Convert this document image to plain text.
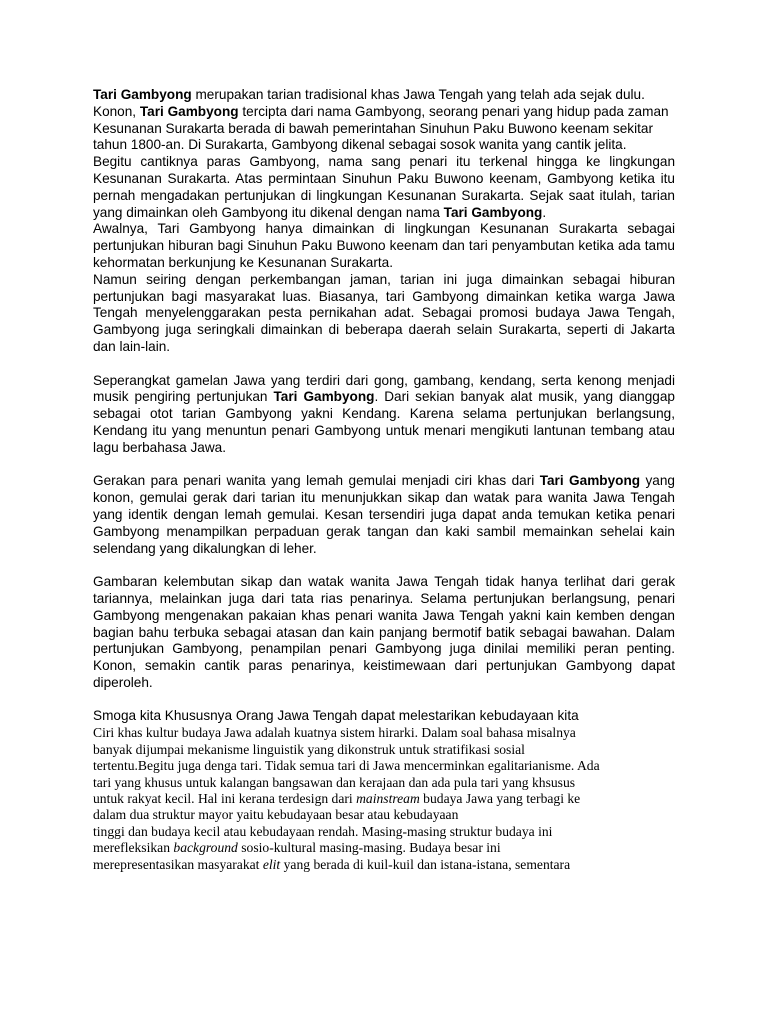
Tari Gambyong merupakan tarian tradisional khas Jawa Tengah yang telah ada sejak dulu. Konon, Tari Gambyong tercipta dari nama Gambyong, seorang penari yang hidup pada zaman Kesunanan Surakarta berada di bawah pemerintahan Sinuhun Paku Buwono keenam sekitar tahun 1800-an. Di Surakarta, Gambyong dikenal sebagai sosok wanita yang cantik jelita.

Begitu cantiknya paras Gambyong, nama sang penari itu terkenal hingga ke lingkungan Kesunanan Surakarta. Atas permintaan Sinuhun Paku Buwono keenam, Gambyong ketika itu pernah mengadakan pertunjukan di lingkungan Kesunanan Surakarta. Sejak saat itulah, tarian yang dimainkan oleh Gambyong itu dikenal dengan nama Tari Gambyong.

Awalnya, Tari Gambyong hanya dimainkan di lingkungan Kesunanan Surakarta sebagai pertunjukan hiburan bagi Sinuhun Paku Buwono keenam dan tari penyambutan ketika ada tamu kehormatan berkunjung ke Kesunanan Surakarta.

Namun seiring dengan perkembangan jaman, tarian ini juga dimainkan sebagai hiburan pertunjukan bagi masyarakat luas. Biasanya, tari Gambyong dimainkan ketika warga Jawa Tengah menyelenggarakan pesta pernikahan adat. Sebagai promosi budaya Jawa Tengah, Gambyong juga seringkali dimainkan di beberapa daerah selain Surakarta, seperti di Jakarta dan lain-lain.

Seperangkat gamelan Jawa yang terdiri dari gong, gambang, kendang, serta kenong menjadi musik pengiring pertunjukan Tari Gambyong. Dari sekian banyak alat musik, yang dianggap sebagai otot tarian Gambyong yakni Kendang. Karena selama pertunjukan berlangsung, Kendang itu yang menuntun penari Gambyong untuk menari mengikuti lantunan tembang atau lagu berbahasa Jawa.

Gerakan para penari wanita yang lemah gemulai menjadi ciri khas dari Tari Gambyong yang konon, gemulai gerak dari tarian itu menunjukkan sikap dan watak para wanita Jawa Tengah yang identik dengan lemah gemulai. Kesan tersendiri juga dapat anda temukan ketika penari Gambyong menampilkan perpaduan gerak tangan dan kaki sambil memainkan sehelai kain selendang yang dikalungkan di leher.

Gambaran kelembutan sikap dan watak wanita Jawa Tengah tidak hanya terlihat dari gerak tariannya, melainkan juga dari tata rias penarinya. Selama pertunjukan berlangsung, penari Gambyong mengenakan pakaian khas penari wanita Jawa Tengah yakni kain kemben dengan bagian bahu terbuka sebagai atasan dan kain panjang bermotif batik sebagai bawahan. Dalam pertunjukan Gambyong, penampilan penari Gambyong juga dinilai memiliki peran penting. Konon, semakin cantik paras penarinya, keistimewaan dari pertunjukan Gambyong dapat diperoleh.

Smoga kita Khususnya Orang Jawa Tengah dapat melestarikan kebudayaan kita

Ciri khas kultur budaya Jawa adalah kuatnya sistem hirarki. Dalam soal bahasa misalnya
banyak dijumpai mekanisme linguistik yang dikonstruk untuk stratifikasi sosial
tertentu.Begitu juga denga tari. Tidak semua tari di Jawa mencerminkan egalitarianisme. Ada
tari yang khusus untuk kalangan bangsawan dan kerajaan dan ada pula tari yang khsusus
untuk rakyat kecil. Hal ini kerana terdesign dari mainstream budaya Jawa yang terbagi ke
dalam dua struktur mayor yaitu kebudayaan besar atau kebudayaan
tinggi dan budaya kecil atau kebudayaan rendah. Masing-masing struktur budaya ini
merefleksikan background sosio-kultural masing-masing. Budaya besar ini
merepresentasikan masyarakat elit yang berada di kuil-kuil dan istana-istana, sementara
